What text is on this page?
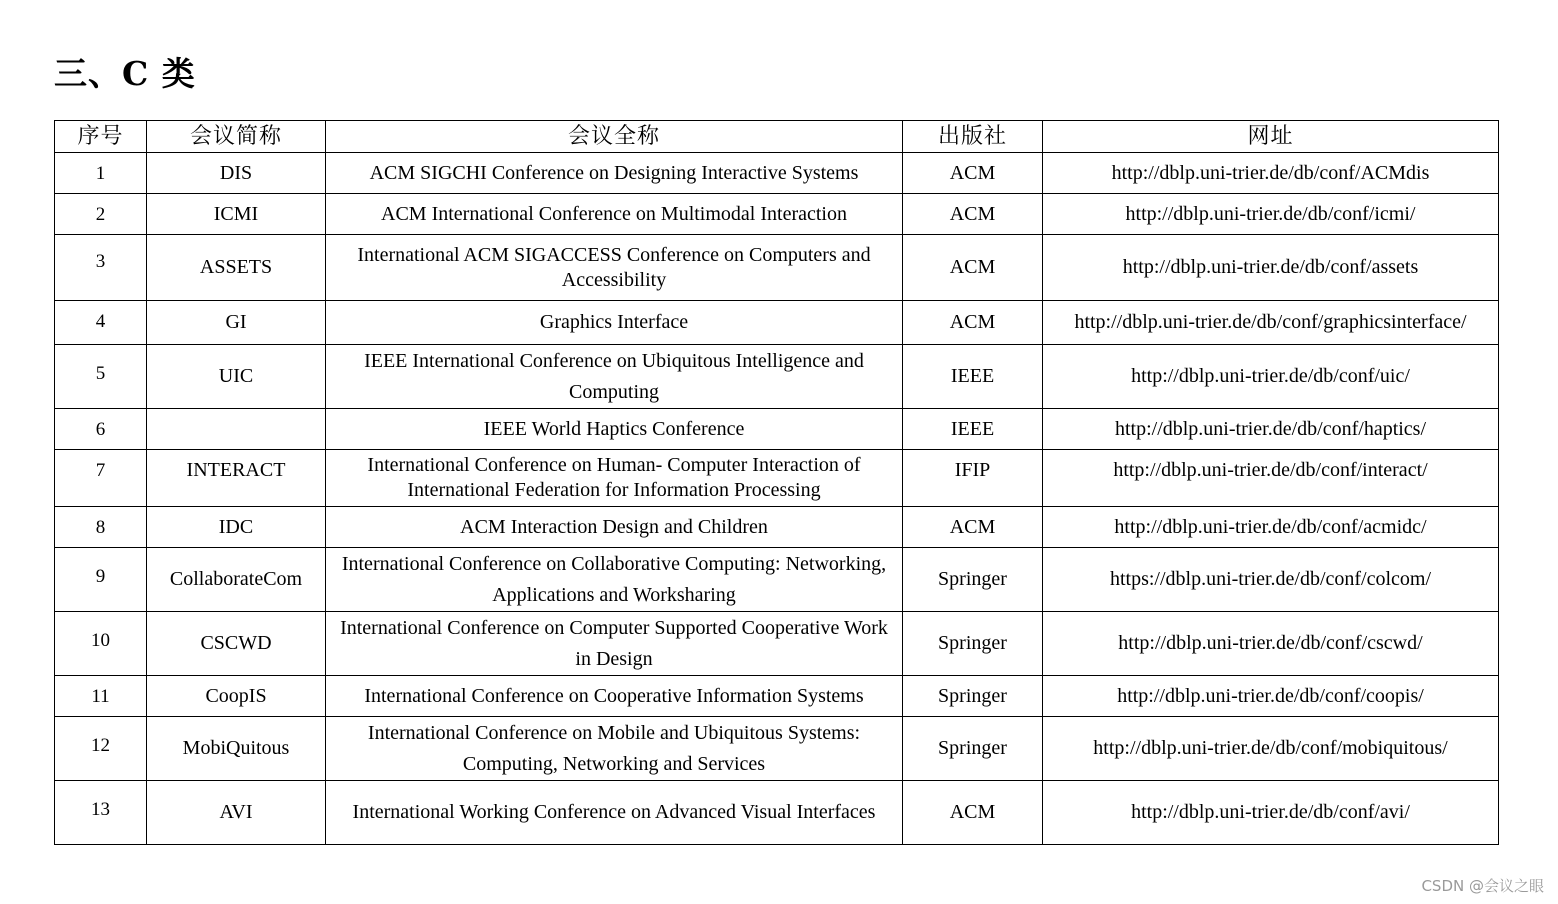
三、C 类
序号	会议简称	会议全称	出版社	网址
1	DIS	ACM SIGCHI Conference on Designing Interactive Systems	ACM	http://dblp.uni-trier.de/db/conf/ACMdis
2	ICMI	ACM International Conference on Multimodal Interaction	ACM	http://dblp.uni-trier.de/db/conf/icmi/
3	ASSETS	International ACM SIGACCESS Conference on Computers and Accessibility	ACM	http://dblp.uni-trier.de/db/conf/assets
4	GI	Graphics Interface	ACM	http://dblp.uni-trier.de/db/conf/graphicsinterface/
5	UIC	IEEE International Conference on Ubiquitous Intelligence and Computing	IEEE	http://dblp.uni-trier.de/db/conf/uic/
6		IEEE World Haptics Conference	IEEE	http://dblp.uni-trier.de/db/conf/haptics/
7	INTERACT	International Conference on Human- Computer Interaction of International Federation for Information Processing	IFIP	http://dblp.uni-trier.de/db/conf/interact/
8	IDC	ACM Interaction Design and Children	ACM	http://dblp.uni-trier.de/db/conf/acmidc/
9	CollaborateCom	International Conference on Collaborative Computing: Networking, Applications and Worksharing	Springer	https://dblp.uni-trier.de/db/conf/colcom/
10	CSCWD	International Conference on Computer Supported Cooperative Work in Design	Springer	http://dblp.uni-trier.de/db/conf/cscwd/
11	CoopIS	International Conference on Cooperative Information Systems	Springer	http://dblp.uni-trier.de/db/conf/coopis/
12	MobiQuitous	International Conference on Mobile and Ubiquitous Systems: Computing, Networking and Services	Springer	http://dblp.uni-trier.de/db/conf/mobiquitous/
13	AVI	International Working Conference on Advanced Visual Interfaces	ACM	http://dblp.uni-trier.de/db/conf/avi/
CSDN @会议之眼
